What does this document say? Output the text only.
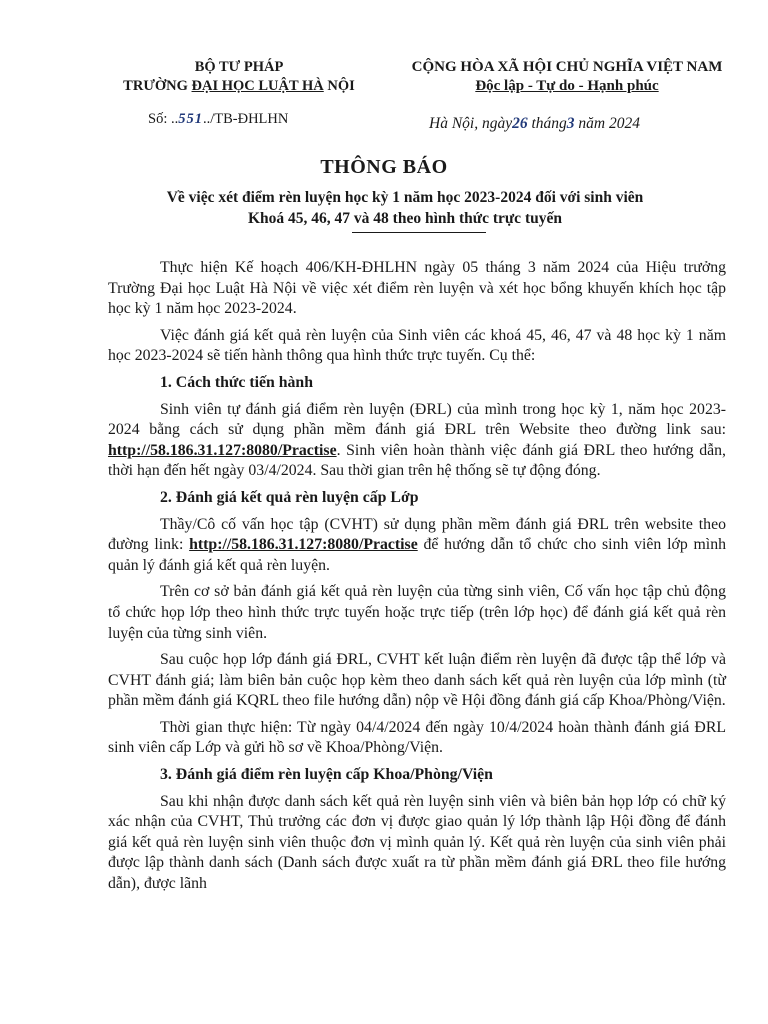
BỘ TƯ PHÁP
TRƯỜNG ĐẠI HỌC LUẬT HÀ NỘI
CỘNG HÒA XÃ HỘI CHỦ NGHĨA VIỆT NAM
Độc lập - Tự do - Hạnh phúc
Số: ..551../TB-ĐHLHN	Hà Nội, ngày26 tháng3 năm 2024
THÔNG BÁO
Về việc xét điểm rèn luyện học kỳ 1 năm học 2023-2024 đối với sinh viên
Khoá 45, 46, 47 và 48 theo hình thức trực tuyến

Thực hiện Kế hoạch 406/KH-ĐHLHN ngày 05 tháng 3 năm 2024 của Hiệu trưởng Trường Đại học Luật Hà Nội về việc xét điểm rèn luyện và xét học bổng khuyến khích học tập học kỳ 1 năm học 2023-2024.

Việc đánh giá kết quả rèn luyện của Sinh viên các khoá 45, 46, 47 và 48 học kỳ 1 năm học 2023-2024 sẽ tiến hành thông qua hình thức trực tuyến. Cụ thể:

1. Cách thức tiến hành

Sinh viên tự đánh giá điểm rèn luyện (ĐRL) của mình trong học kỳ 1, năm học 2023-2024 bằng cách sử dụng phần mềm đánh giá ĐRL trên Website theo đường link sau: http://58.186.31.127:8080/Practise. Sinh viên hoàn thành việc đánh giá ĐRL theo hướng dẫn, thời hạn đến hết ngày 03/4/2024. Sau thời gian trên hệ thống sẽ tự động đóng.

2. Đánh giá kết quả rèn luyện cấp Lớp

Thầy/Cô cố vấn học tập (CVHT) sử dụng phần mềm đánh giá ĐRL trên website theo đường link: http://58.186.31.127:8080/Practise để hướng dẫn tổ chức cho sinh viên lớp mình quản lý đánh giá kết quả rèn luyện.

Trên cơ sở bản đánh giá kết quả rèn luyện của từng sinh viên, Cố vấn học tập chủ động tổ chức họp lớp theo hình thức trực tuyến hoặc trực tiếp (trên lớp học) để đánh giá kết quả rèn luyện của từng sinh viên.

Sau cuộc họp lớp đánh giá ĐRL, CVHT kết luận điểm rèn luyện đã được tập thể lớp và CVHT đánh giá; làm biên bản cuộc họp kèm theo danh sách kết quả rèn luyện của lớp mình (từ phần mềm đánh giá KQRL theo file hướng dẫn) nộp về Hội đồng đánh giá cấp Khoa/Phòng/Viện.

Thời gian thực hiện: Từ ngày 04/4/2024 đến ngày 10/4/2024 hoàn thành đánh giá ĐRL sinh viên cấp Lớp và gửi hồ sơ về Khoa/Phòng/Viện.

3. Đánh giá điểm rèn luyện cấp Khoa/Phòng/Viện

Sau khi nhận được danh sách kết quả rèn luyện sinh viên và biên bản họp lớp có chữ ký xác nhận của CVHT, Thủ trưởng các đơn vị được giao quản lý lớp thành lập Hội đồng để đánh giá kết quả rèn luyện sinh viên thuộc đơn vị mình quản lý. Kết quả rèn luyện của sinh viên phải được lập thành danh sách (Danh sách được xuất ra từ phần mềm đánh giá ĐRL theo file hướng dẫn), được lãnh
